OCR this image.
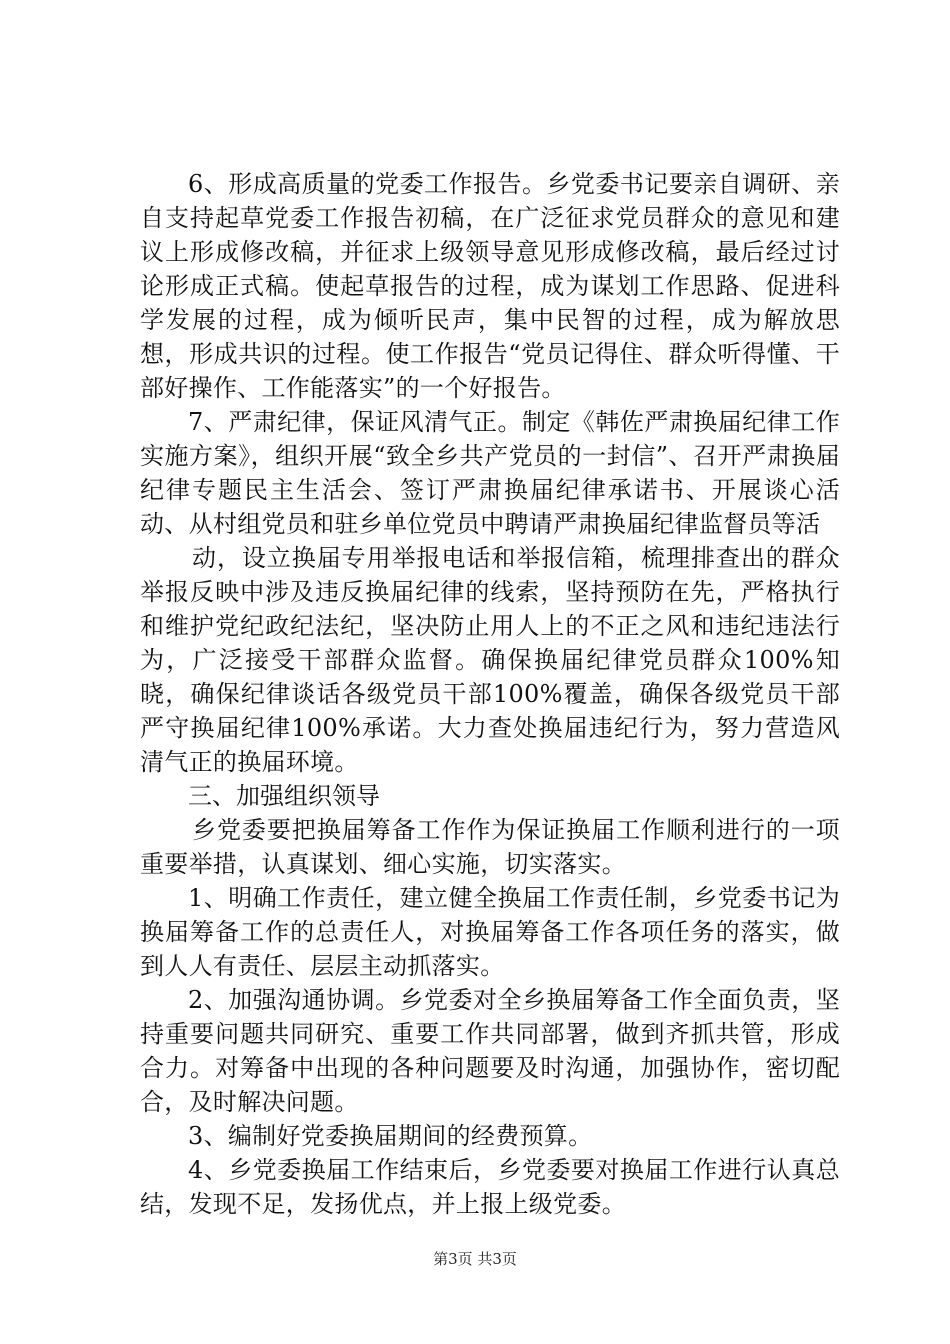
6、形成高质量的党委工作报告。乡党委书记要亲自调研、亲自支持起草党委工作报告初稿，在广泛征求党员群众的意见和建议上形成修改稿，并征求上级领导意见形成修改稿，最后经过讨论形成正式稿。使起草报告的过程，成为谋划工作思路、促进科学发展的过程，成为倾听民声，集中民智的过程，成为解放思想，形成共识的过程。使工作报告“党员记得住、群众听得懂、干部好操作、工作能落实”的一个好报告。

7、严肃纪律，保证风清气正。制定《韩佐严肃换届纪律工作实施方案》，组织开展“致全乡共产党员的一封信”、召开严肃换届纪律专题民主生活会、签订严肃换届纪律承诺书、开展谈心活动、从村组党员和驻乡单位党员中聘请严肃换届纪律监督员等活

动，设立换届专用举报电话和举报信箱，梳理排查出的群众举报反映中涉及违反换届纪律的线索，坚持预防在先，严格执行和维护党纪政纪法纪，坚决防止用人上的不正之风和违纪违法行为，广泛接受干部群众监督。确保换届纪律党员群众100%知晓，确保纪律谈话各级党员干部100%覆盖，确保各级党员干部严守换届纪律100%承诺。大力查处换届违纪行为，努力营造风清气正的换届环境。

三、加强组织领导

乡党委要把换届筹备工作作为保证换届工作顺利进行的一项重要举措，认真谋划、细心实施，切实落实。

1、明确工作责任，建立健全换届工作责任制，乡党委书记为换届筹备工作的总责任人，对换届筹备工作各项任务的落实，做到人人有责任、层层主动抓落实。

2、加强沟通协调。乡党委对全乡换届筹备工作全面负责，坚持重要问题共同研究、重要工作共同部署，做到齐抓共管，形成合力。对筹备中出现的各种问题要及时沟通，加强协作，密切配合，及时解决问题。

3、编制好党委换届期间的经费预算。

4、乡党委换届工作结束后，乡党委要对换届工作进行认真总结，发现不足，发扬优点，并上报上级党委。

第3页 共3页
